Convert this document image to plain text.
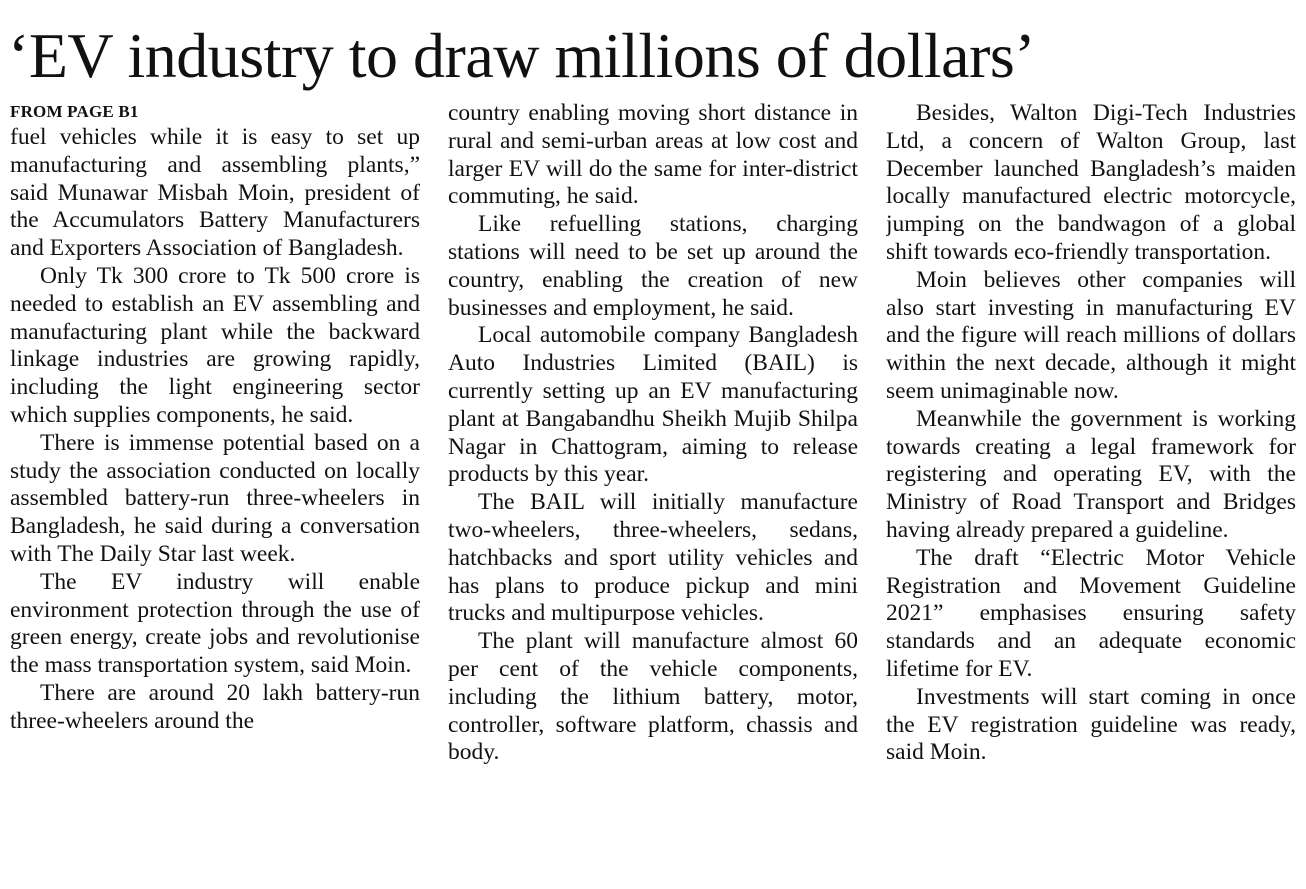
‘EV industry to draw millions of dollars’
FROM PAGE B1

fuel vehicles while it is easy to set up manufacturing and assembling plants,” said Munawar Misbah Moin, president of the Accumulators Battery Manufacturers and Exporters Association of Bangladesh.

Only Tk 300 crore to Tk 500 crore is needed to establish an EV assembling and manufacturing plant while the backward linkage industries are growing rapidly, including the light engineering sector which supplies components, he said.

There is immense potential based on a study the association conducted on locally assembled battery-run three-wheelers in Bangladesh, he said during a conversation with The Daily Star last week.

The EV industry will enable environment protection through the use of green energy, create jobs and revolutionise the mass transportation system, said Moin.

There are around 20 lakh battery-run three-wheelers around the

country enabling moving short distance in rural and semi-urban areas at low cost and larger EV will do the same for inter-district commuting, he said.

Like refuelling stations, charging stations will need to be set up around the country, enabling the creation of new businesses and employment, he said.

Local automobile company Bangladesh Auto Industries Limited (BAIL) is currently setting up an EV manufacturing plant at Bangabandhu Sheikh Mujib Shilpa Nagar in Chattogram, aiming to release products by this year.

The BAIL will initially manufacture two-wheelers, three-wheelers, sedans, hatchbacks and sport utility vehicles and has plans to produce pickup and mini trucks and multipurpose vehicles.

The plant will manufacture almost 60 per cent of the vehicle components, including the lithium battery, motor, controller, software platform, chassis and body.

Besides, Walton Digi-Tech Industries Ltd, a concern of Walton Group, last December launched Bangladesh’s maiden locally manufactured electric motorcycle, jumping on the bandwagon of a global shift towards eco-friendly transportation.

Moin believes other companies will also start investing in manufacturing EV and the figure will reach millions of dollars within the next decade, although it might seem unimaginable now.

Meanwhile the government is working towards creating a legal framework for registering and operating EV, with the Ministry of Road Transport and Bridges having already prepared a guideline.

The draft “Electric Motor Vehicle Registration and Movement Guideline 2021” emphasises ensuring safety standards and an adequate economic lifetime for EV.

Investments will start coming in once the EV registration guideline was ready, said Moin.
